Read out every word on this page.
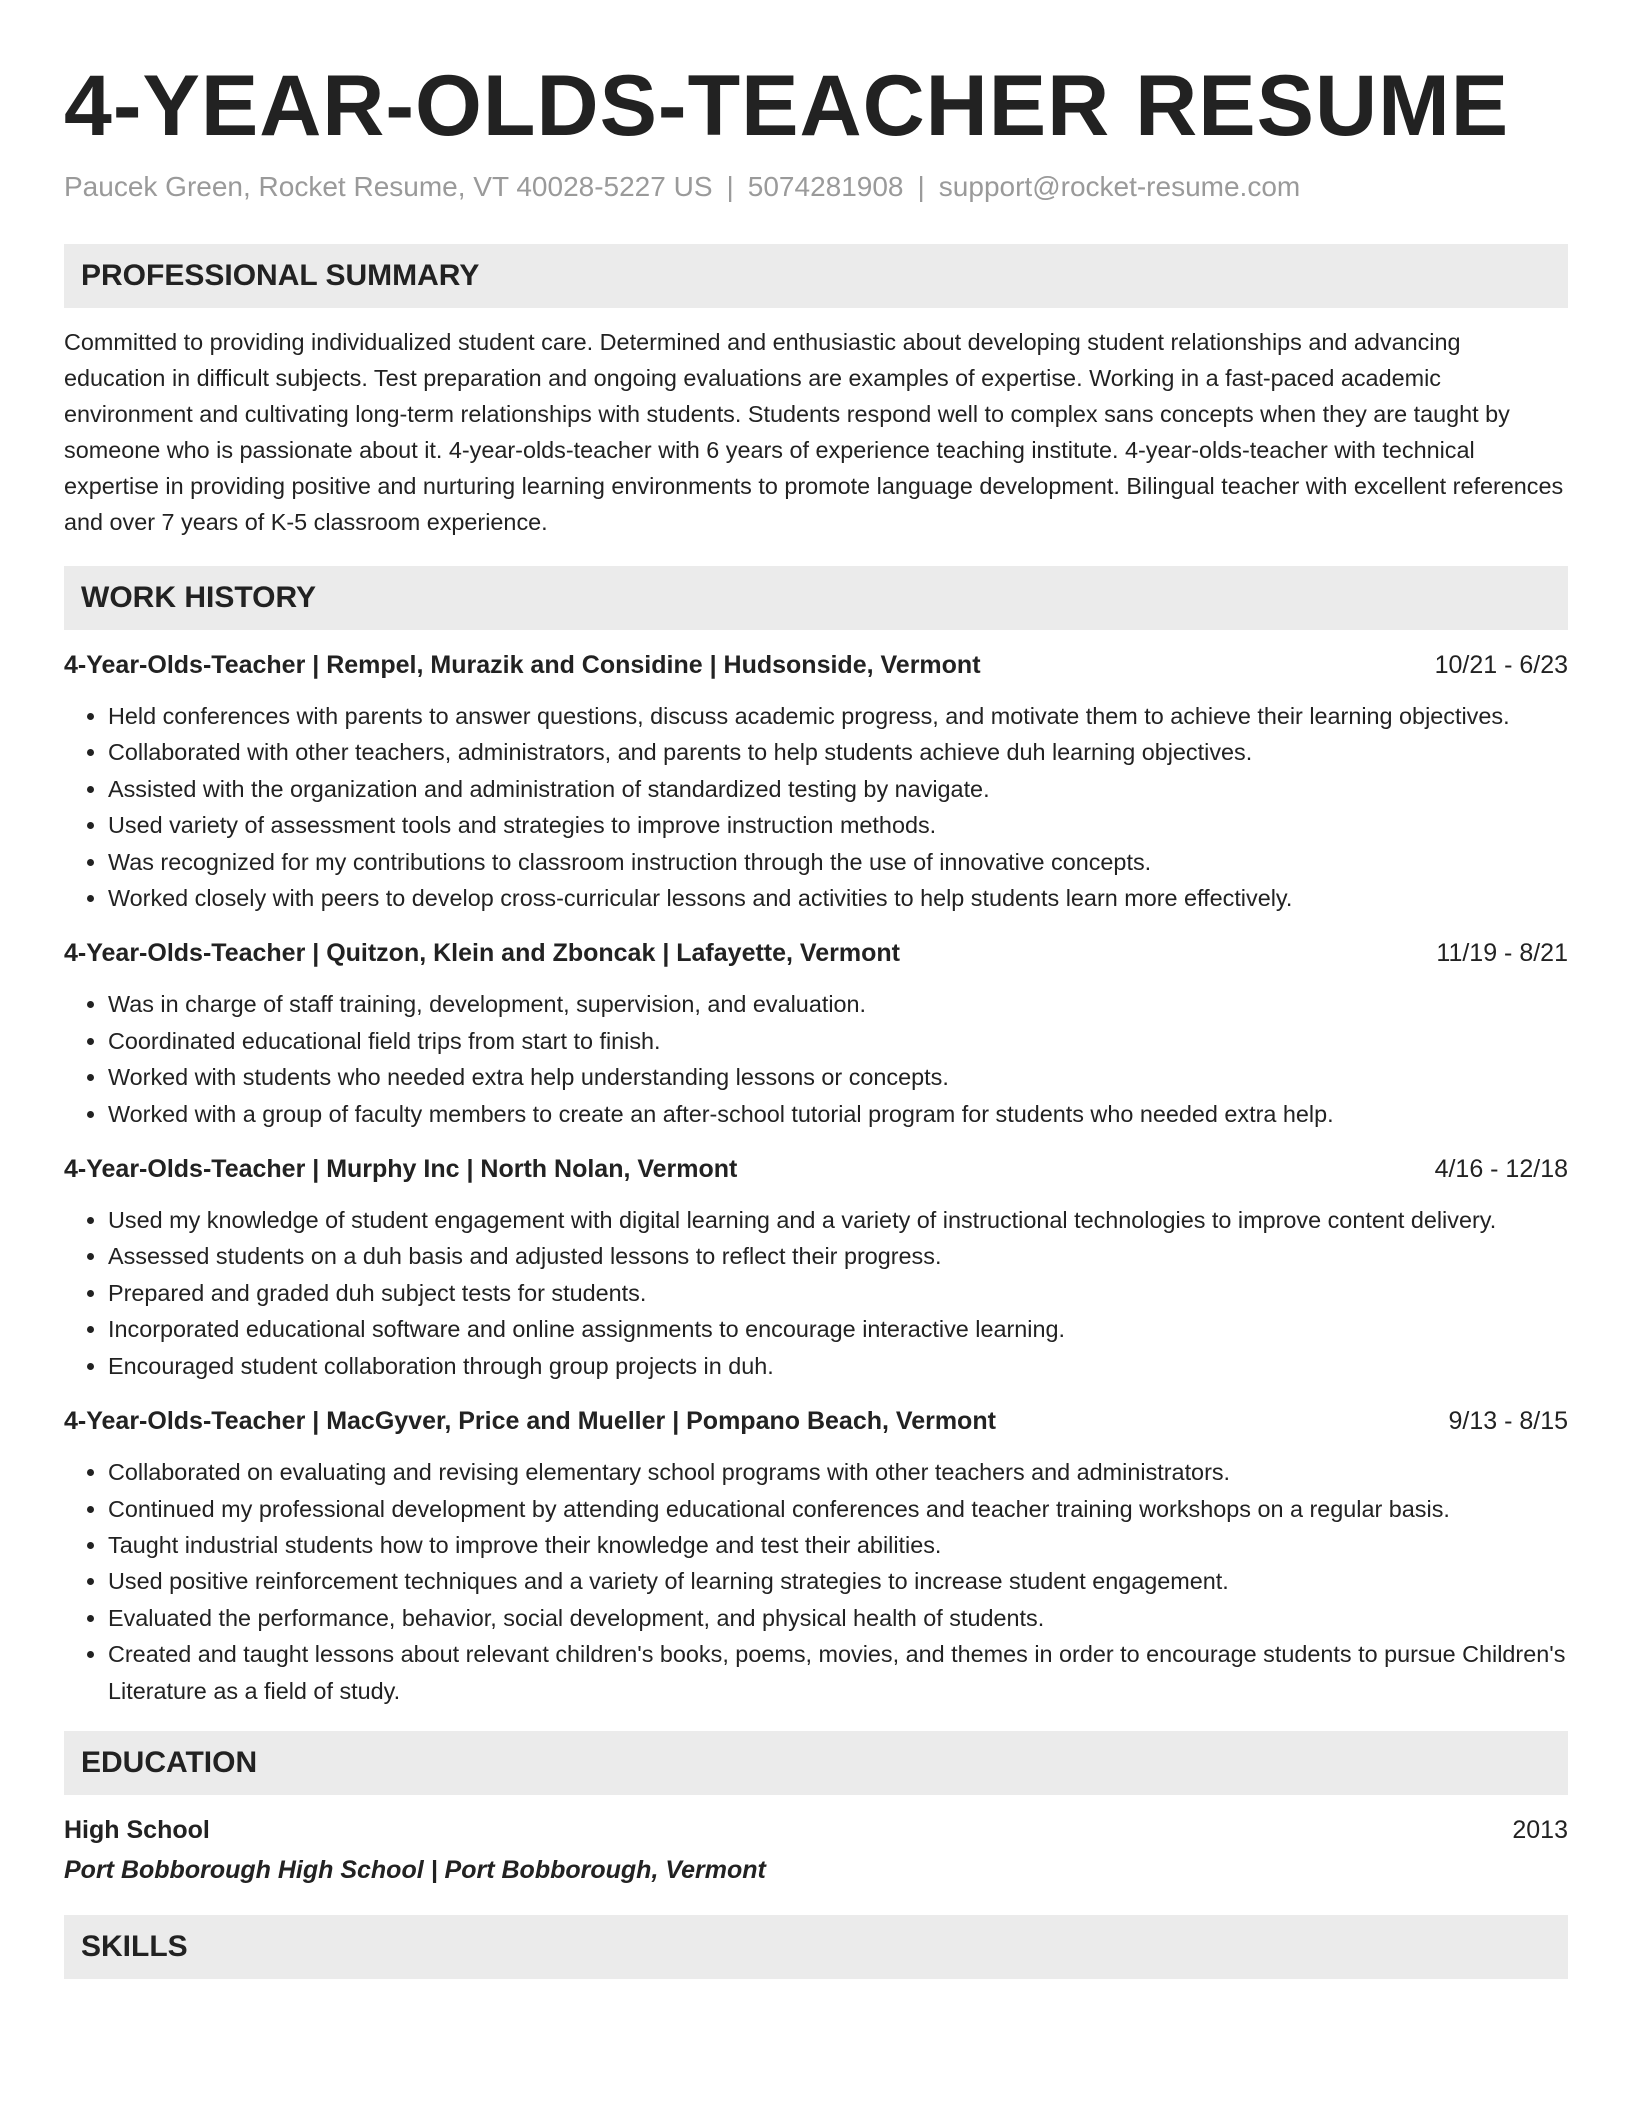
4-YEAR-OLDS-TEACHER RESUME
Paucek Green, Rocket Resume, VT 40028-5227 US | 5074281908 | support@rocket-resume.com
PROFESSIONAL SUMMARY

Committed to providing individualized student care. Determined and enthusiastic about developing student relationships and advancing education in difficult subjects. Test preparation and ongoing evaluations are examples of expertise. Working in a fast-paced academic environment and cultivating long-term relationships with students. Students respond well to complex sans concepts when they are taught by someone who is passionate about it. 4-year-olds-teacher with 6 years of experience teaching institute. 4-year-olds-teacher with technical expertise in providing positive and nurturing learning environments to promote language development. Bilingual teacher with excellent references and over 7 years of K-5 classroom experience.

WORK HISTORY
4-Year-Olds-Teacher | Rempel, Murazik and Considine | Hudsonside, Vermont	10/21 - 6/23
• Held conferences with parents to answer questions, discuss academic progress, and motivate them to achieve their learning objectives.
• Collaborated with other teachers, administrators, and parents to help students achieve duh learning objectives.
• Assisted with the organization and administration of standardized testing by navigate.
• Used variety of assessment tools and strategies to improve instruction methods.
• Was recognized for my contributions to classroom instruction through the use of innovative concepts.
• Worked closely with peers to develop cross-curricular lessons and activities to help students learn more effectively.
4-Year-Olds-Teacher | Quitzon, Klein and Zboncak | Lafayette, Vermont	11/19 - 8/21
• Was in charge of staff training, development, supervision, and evaluation.
• Coordinated educational field trips from start to finish.
• Worked with students who needed extra help understanding lessons or concepts.
• Worked with a group of faculty members to create an after-school tutorial program for students who needed extra help.
4-Year-Olds-Teacher | Murphy Inc | North Nolan, Vermont	4/16 - 12/18
• Used my knowledge of student engagement with digital learning and a variety of instructional technologies to improve content delivery.
• Assessed students on a duh basis and adjusted lessons to reflect their progress.
• Prepared and graded duh subject tests for students.
• Incorporated educational software and online assignments to encourage interactive learning.
• Encouraged student collaboration through group projects in duh.
4-Year-Olds-Teacher | MacGyver, Price and Mueller | Pompano Beach, Vermont	9/13 - 8/15
• Collaborated on evaluating and revising elementary school programs with other teachers and administrators.
• Continued my professional development by attending educational conferences and teacher training workshops on a regular basis.
• Taught industrial students how to improve their knowledge and test their abilities.
• Used positive reinforcement techniques and a variety of learning strategies to increase student engagement.
• Evaluated the performance, behavior, social development, and physical health of students.
• Created and taught lessons about relevant children's books, poems, movies, and themes in order to encourage students to pursue Children's Literature as a field of study.
EDUCATION
High School	2013
Port Bobborough High School | Port Bobborough, Vermont
SKILLS
